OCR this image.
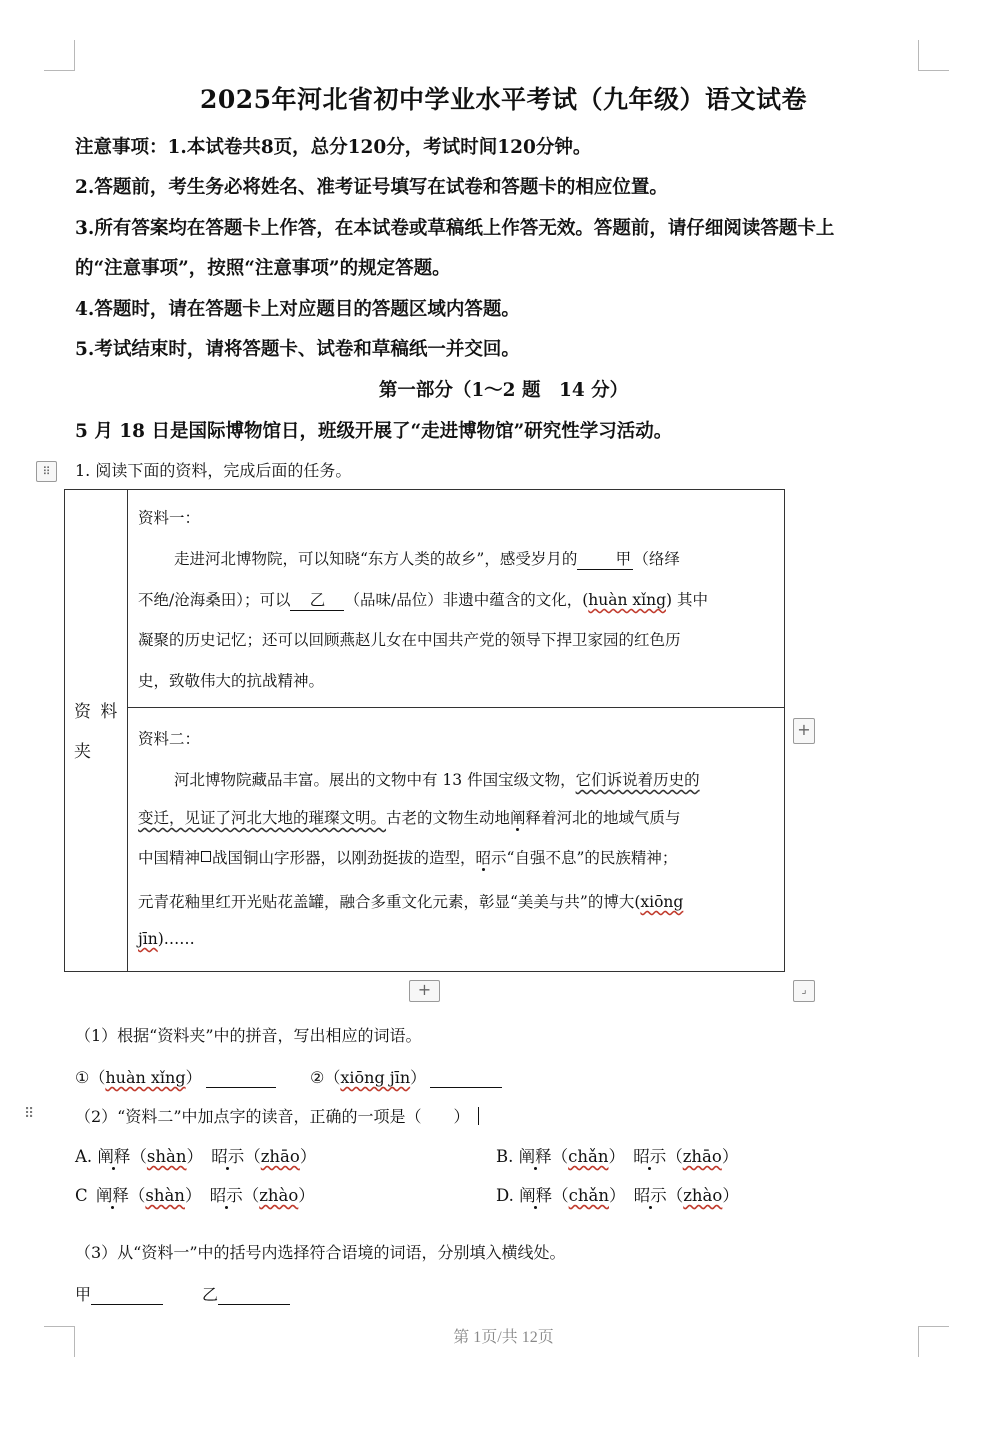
2025年河北省初中学业水平考试（九年级）语文试卷
注意事项：1.本试卷共8页，总分120分，考试时间120分钟。
2.答题前，考生务必将姓名、准考证号填写在试卷和答题卡的相应位置。
3.所有答案均在答题卡上作答，在本试卷或草稿纸上作答无效。答题前，请仔细阅读答题卡上
的“注意事项”，按照“注意事项”的规定答题。
4.答题时，请在答题卡上对应题目的答题区域内答题。
5.考试结束时，请将答题卡、试卷和草稿纸一并交回。
第一部分（1～2 题　14 分）
5 月 18 日是国际博物馆日，班级开展了“走进博物馆”研究性学习活动。
⠿	1. 阅读下面的资料，完成后面的任务。
资 料
夹
资料一：
走进河北博物院，可以知晓“东方人类的故乡”，感受岁月的 甲 （络绎
不绝/沧海桑田）；可以 乙 （品味/品位）非遗中蕴含的文化，(huàn xǐng) 其中
凝聚的历史记忆；还可以回顾燕赵儿女在中国共产党的领导下捍卫家园的红色历
史，致敬伟大的抗战精神。
+
资料二：
河北博物院藏品丰富。展出的文物中有 13 件国宝级文物，它们诉说着历史的
变迁，见证了河北大地的璀璨文明。古老的文物生动地阐释着河北的地域气质与
中国精神 战国铜山字形器，以刚劲挺拔的造型，昭示“自强不息”的民族精神；
元青花釉里红开光贴花盖罐，融合多重文化元素，彰显“美美与共”的博大(xiōng
jīn)……
+	⌟
（1）根据“资料夹”中的拼音，写出相应的词语。
①（huàn xǐng）	②（xiōng jīn）
⠿	（2）“资料二”中加点字的读音，正确的一项是（　　）
A. 阐释（shàn）　昭示（zhāo）	B. 阐释（chǎn）　昭示（zhāo）
C  阐释（shàn）　昭示（zhào）	D. 阐释（chǎn）　昭示（zhào）
（3）从“资料一”中的括号内选择符合语境的词语，分别填入横线处。
甲	乙
第 1页/共 12页
